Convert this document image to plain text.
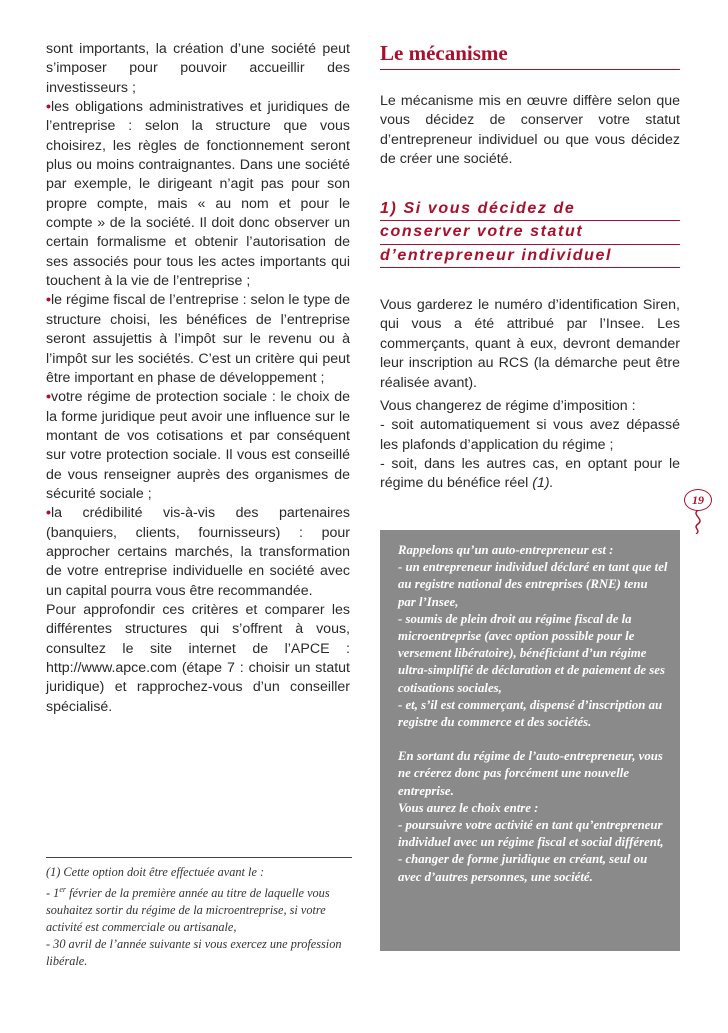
sont importants, la création d’une société peut s’imposer pour pouvoir accueillir des investisseurs ;

•les obligations administratives et juridiques de l’entreprise : selon la structure que vous choisirez, les règles de fonctionnement seront plus ou moins contraignantes. Dans une société par exemple, le dirigeant n’agit pas pour son propre compte, mais « au nom et pour le compte » de la société. Il doit donc observer un certain formalisme et obtenir l’autorisation de ses associés pour tous les actes importants qui touchent à la vie de l’entreprise ;

•le régime fiscal de l’entreprise : selon le type de structure choisi, les bénéfices de l’entreprise seront assujettis à l’impôt sur le revenu ou à l’impôt sur les sociétés. C’est un critère qui peut être important en phase de développement ;

•votre régime de protection sociale : le choix de la forme juridique peut avoir une influence sur le montant de vos cotisations et par conséquent sur votre protection sociale. Il vous est conseillé de vous renseigner auprès des organismes de sécurité sociale ;

•la crédibilité vis-à-vis des partenaires (banquiers, clients, fournisseurs) : pour approcher certains marchés, la transformation de votre entreprise individuelle en société avec un capital pourra vous être recommandée.

Pour approfondir ces critères et comparer les différentes structures qui s’offrent à vous, consultez le site internet de l’APCE : http://www.apce.com (étape 7 : choisir un statut juridique) et rapprochez-vous d’un conseiller spécialisé.

(1) Cette option doit être effectuée avant le :

- 1er février de la première année au titre de laquelle vous souhaitez sortir du régime de la microentreprise, si votre activité est commerciale ou artisanale,

- 30 avril de l’année suivante si vous exercez une profession libérale.

Le mécanisme

Le mécanisme mis en œuvre diffère selon que vous décidez de conserver votre statut d’entrepreneur individuel ou que vous décidez de créer une société.

1) Si vous décidez de
conserver votre statut
d’entrepreneur individuel

Vous garderez le numéro d’identification Siren, qui vous a été attribué par l’Insee. Les commerçants, quant à eux, devront demander leur inscription au RCS (la démarche peut être réalisée avant).

Vous changerez de régime d’imposition :

- soit automatiquement si vous avez dépassé les plafonds d’application du régime ;

- soit, dans les autres cas, en optant pour le régime du bénéfice réel (1).

19

Rappelons qu’un auto-entrepreneur est :

- un entrepreneur individuel déclaré en tant que tel au registre national des entreprises (RNE) tenu par l’Insee,

- soumis de plein droit au régime fiscal de la microentreprise (avec option possible pour le versement libératoire), bénéficiant d’un régime ultra-simplifié de déclaration et de paiement de ses cotisations sociales,

- et, s’il est commerçant, dispensé d’inscription au registre du commerce et des sociétés.

En sortant du régime de l’auto-entrepreneur, vous ne créerez donc pas forcément une nouvelle entreprise.

Vous aurez le choix entre :

- poursuivre votre activité en tant qu’entrepreneur individuel avec un régime fiscal et social différent,

- changer de forme juridique en créant, seul ou avec d’autres personnes, une société.
